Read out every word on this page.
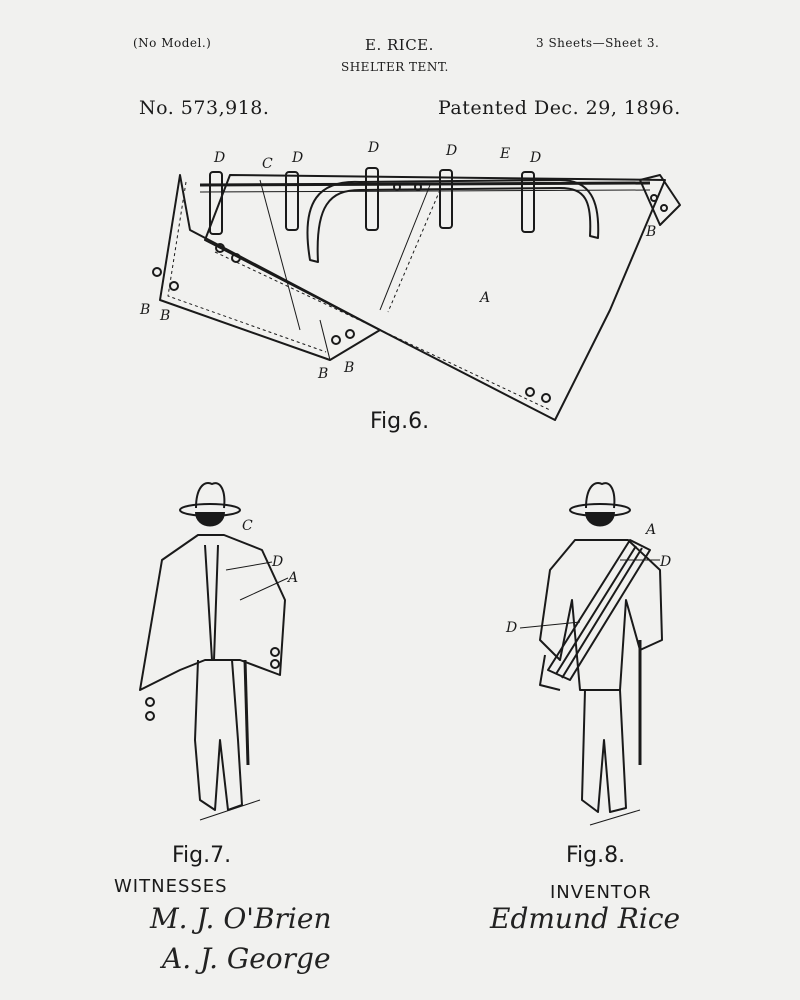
(No Model.)	E. RICE.
SHELTER TENT.
3 Sheets—Sheet 3.
No. 573,918.	Patented Dec. 29, 1896.
D	C D
D	D	E D
A
B
B B
B B
Fig.6.
C
D
A
Fig.7.
A
D
D
Fig.8.
WITNESSES	INVENTOR
M. J. O'Brien
A. J. George
Edmund Rice
